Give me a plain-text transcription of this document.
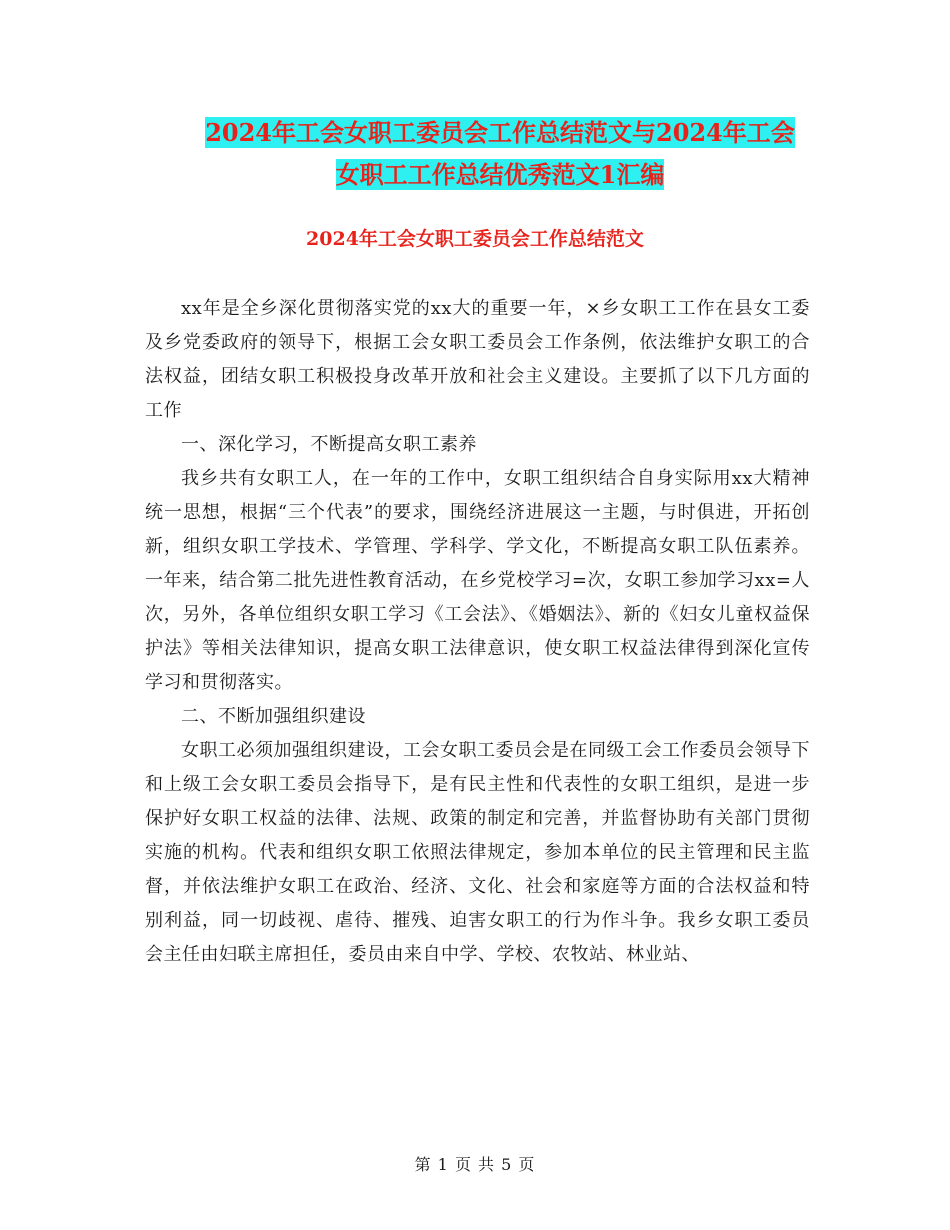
2024年工会女职工委员会工作总结范文与2024年工会
女职工工作总结优秀范文1汇编
2024年工会女职工委员会工作总结范文

xx年是全乡深化贯彻落实党的xx大的重要一年，×乡女职工工作在县女工委及乡党委政府的领导下，根据工会女职工委员会工作条例，依法维护女职工的合法权益，团结女职工积极投身改革开放和社会主义建设。主要抓了以下几方面的工作

一、深化学习，不断提高女职工素养

我乡共有女职工人，在一年的工作中，女职工组织结合自身实际用xx大精神统一思想，根据“三个代表”的要求，围绕经济进展这一主题，与时俱进，开拓创新，组织女职工学技术、学管理、学科学、学文化，不断提高女职工队伍素养。一年来，结合第二批先进性教育活动，在乡党校学习=次，女职工参加学习xx=人次，另外，各单位组织女职工学习《工会法》、《婚姻法》、新的《妇女儿童权益保护法》等相关法律知识，提高女职工法律意识，使女职工权益法律得到深化宣传学习和贯彻落实。

二、不断加强组织建设

女职工必须加强组织建设，工会女职工委员会是在同级工会工作委员会领导下和上级工会女职工委员会指导下，是有民主性和代表性的女职工组织，是进一步保护好女职工权益的法律、法规、政策的制定和完善，并监督协助有关部门贯彻实施的机构。代表和组织女职工依照法律规定，参加本单位的民主管理和民主监督，并依法维护女职工在政治、经济、文化、社会和家庭等方面的合法权益和特别利益，同一切歧视、虐待、摧残、迫害女职工的行为作斗争。我乡女职工委员会主任由妇联主席担任，委员由来自中学、学校、农牧站、林业站、

第 1 页 共 5 页
